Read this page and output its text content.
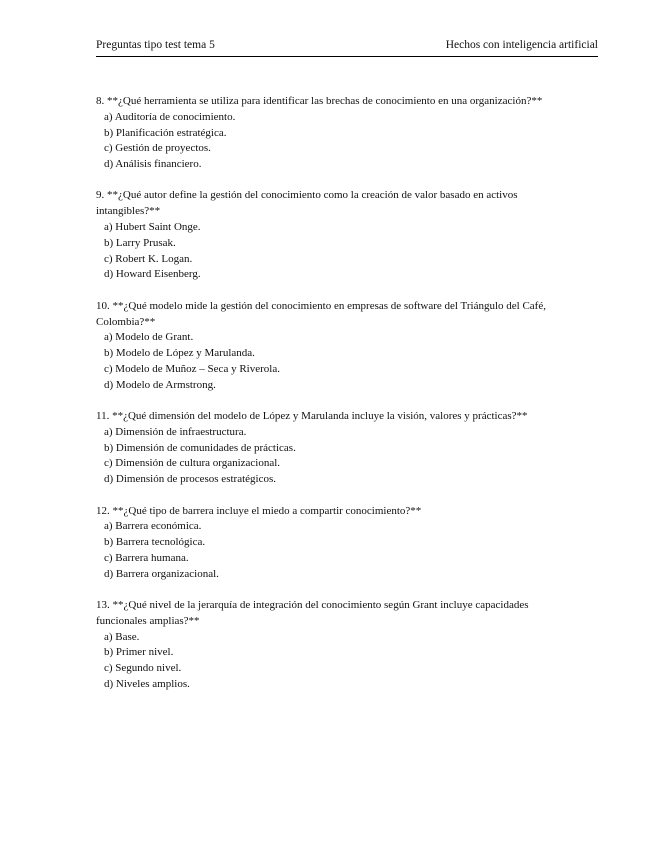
Preguntas tipo test tema 5	Hechos con inteligencia artificial

8. **¿Qué herramienta se utiliza para identificar las brechas de conocimiento en una organización?**

a) Auditoría de conocimiento.
b) Planificación estratégica.
c) Gestión de proyectos.
d) Análisis financiero.

9. **¿Qué autor define la gestión del conocimiento como la creación de valor basado en activos intangibles?**

a) Hubert Saint Onge.
b) Larry Prusak.
c) Robert K. Logan.
d) Howard Eisenberg.

10. **¿Qué modelo mide la gestión del conocimiento en empresas de software del Triángulo del Café, Colombia?**

a) Modelo de Grant.
b) Modelo de López y Marulanda.
c) Modelo de Muñoz – Seca y Riverola.
d) Modelo de Armstrong.

11. **¿Qué dimensión del modelo de López y Marulanda incluye la visión, valores y prácticas?**

a) Dimensión de infraestructura.
b) Dimensión de comunidades de prácticas.
c) Dimensión de cultura organizacional.
d) Dimensión de procesos estratégicos.

12. **¿Qué tipo de barrera incluye el miedo a compartir conocimiento?**

a) Barrera económica.
b) Barrera tecnológica.
c) Barrera humana.
d) Barrera organizacional.

13. **¿Qué nivel de la jerarquía de integración del conocimiento según Grant incluye capacidades funcionales amplias?**

a) Base.
b) Primer nivel.
c) Segundo nivel.
d) Niveles amplios.
